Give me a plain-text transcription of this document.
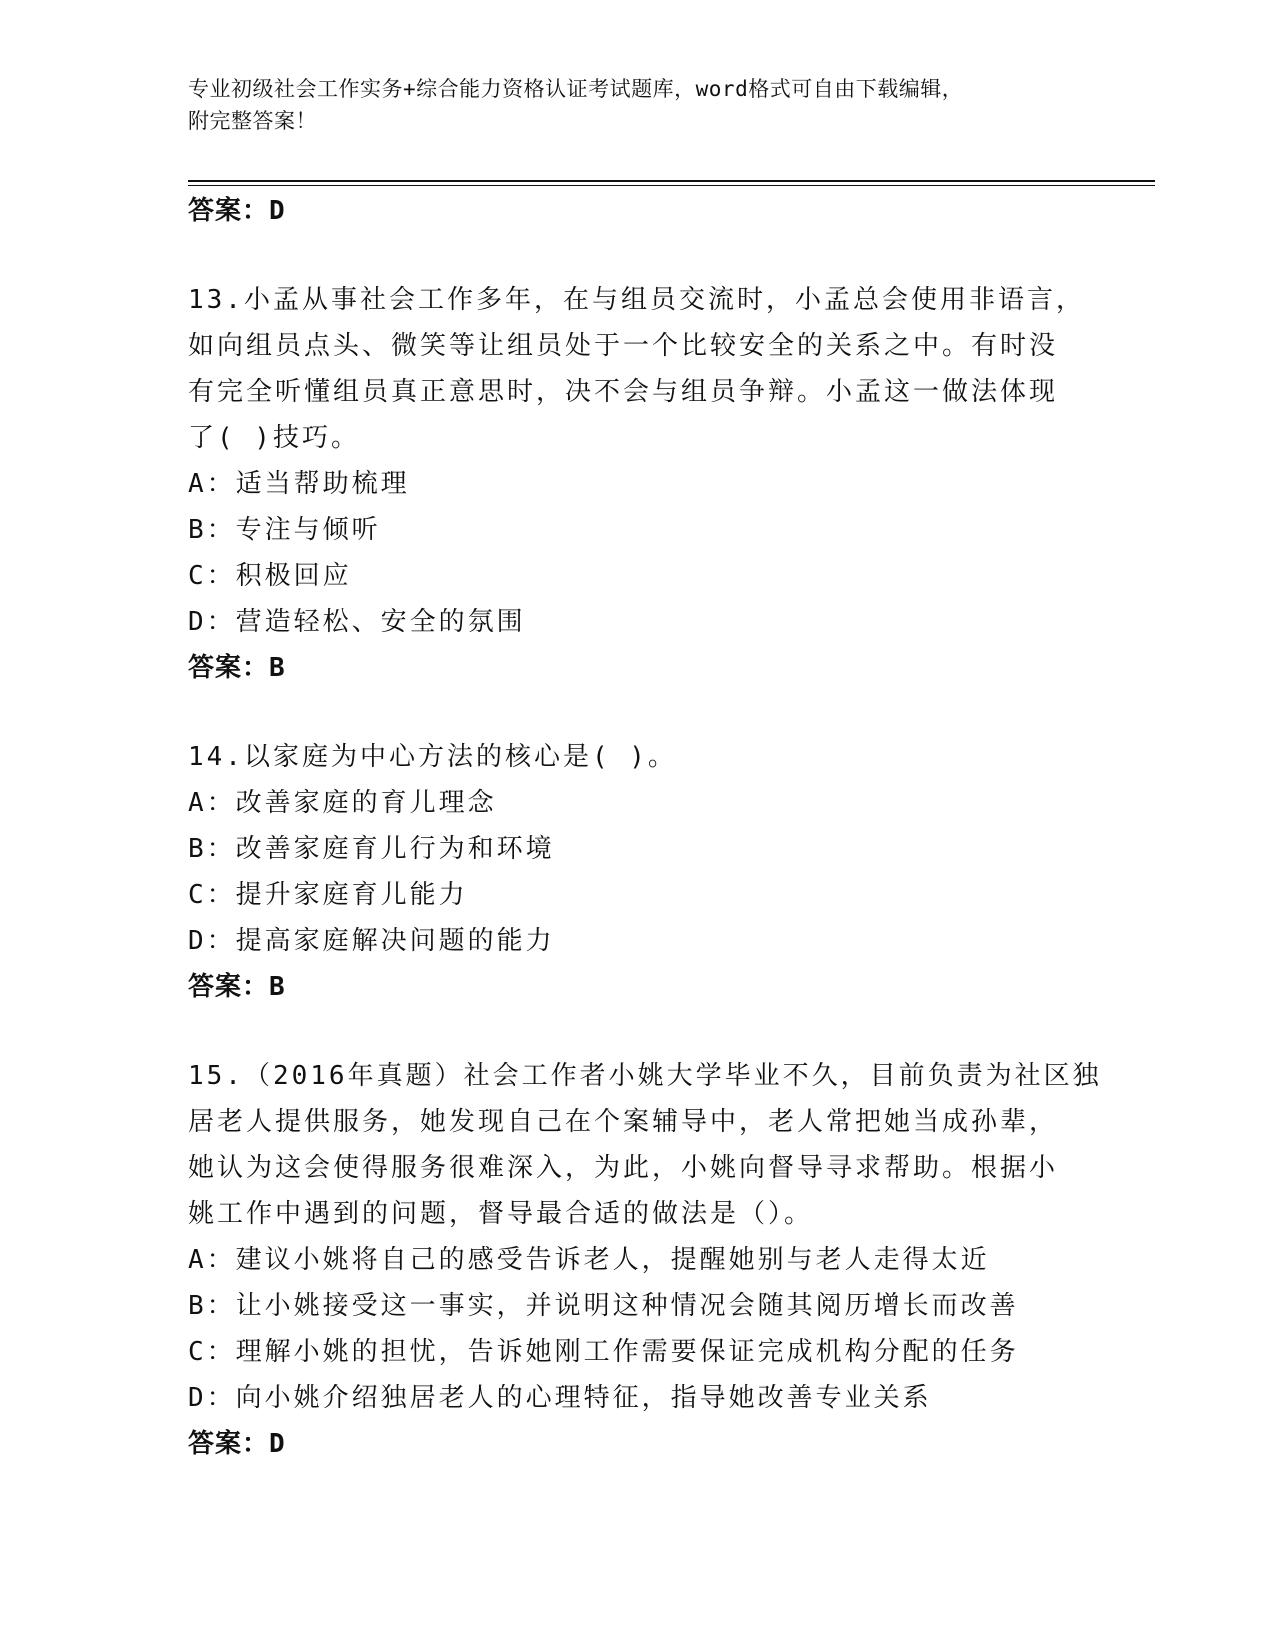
专业初级社会工作实务+综合能力资格认证考试题库，word格式可自由下载编辑，
附完整答案！
答案：D
13.小孟从事社会工作多年，在与组员交流时，小孟总会使用非语言，
如向组员点头、微笑等让组员处于一个比较安全的关系之中。有时没
有完全听懂组员真正意思时，决不会与组员争辩。小孟这一做法体现
了( )技巧。
A：适当帮助梳理
B：专注与倾听
C：积极回应
D：营造轻松、安全的氛围
答案：B
14.以家庭为中心方法的核心是( )。
A：改善家庭的育儿理念
B：改善家庭育儿行为和环境
C：提升家庭育儿能力
D：提高家庭解决问题的能力
答案：B
15.（2016年真题）社会工作者小姚大学毕业不久，目前负责为社区独
居老人提供服务，她发现自己在个案辅导中，老人常把她当成孙辈，
她认为这会使得服务很难深入，为此，小姚向督导寻求帮助。根据小
姚工作中遇到的问题，督导最合适的做法是（）。
A：建议小姚将自己的感受告诉老人，提醒她别与老人走得太近
B：让小姚接受这一事实，并说明这种情况会随其阅历增长而改善
C：理解小姚的担忧，告诉她刚工作需要保证完成机构分配的任务
D：向小姚介绍独居老人的心理特征，指导她改善专业关系
答案：D
